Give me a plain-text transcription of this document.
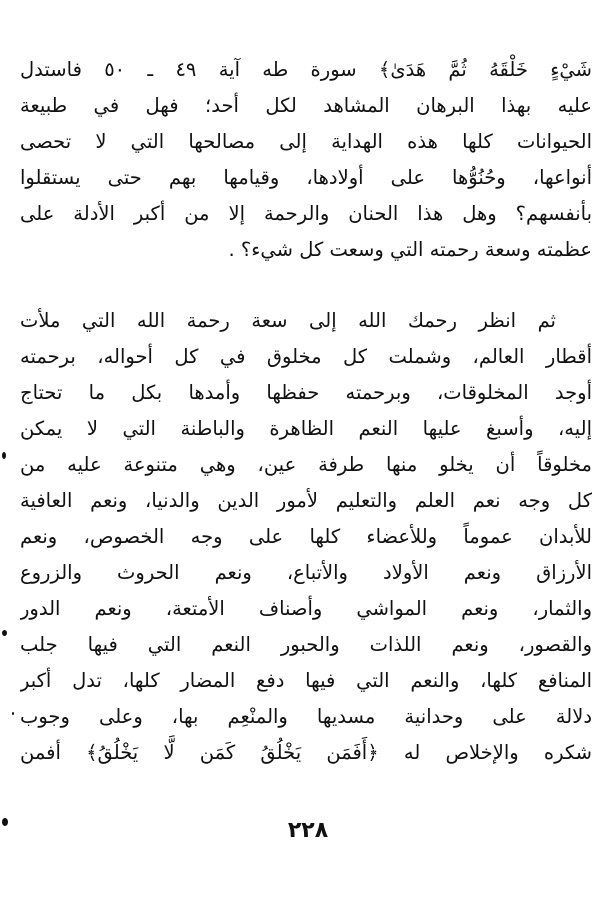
شَيْءٍ خَلْقَهُ ثُمَّ هَدَىٰ﴾ سورة طه آية ٤٩ ـ ٥٠ فاستدل
عليه بهذا البرهان المشاهد لكل أحد؛ فهل في طبيعة
الحيوانات كلها هذه الهداية إلى مصالحها التي لا تحصى
أنواعها، وحُنُوُّها على أولادها، وقيامها بهم حتى يستقلوا
بأنفسهم؟ وهل هذا الحنان والرحمة إلا من أكبر الأدلة على
عظمته وسعة رحمته التي وسعت كل شيء؟ .
ثم انظر رحمك الله إلى سعة رحمة الله التي ملأت
أقطار العالم، وشملت كل مخلوق في كل أحواله، برحمته
أوجد المخلوقات، وبرحمته حفظها وأمدها بكل ما تحتاج
إليه، وأسبغ عليها النعم الظاهرة والباطنة التي لا يمكن
مخلوقاً أن يخلو منها طرفة عين، وهي متنوعة عليه من
كل وجه نعم العلم والتعليم لأمور الدين والدنيا، ونعم العافية
للأبدان عموماً وللأعضاء كلها على وجه الخصوص، ونعم
الأرزاق ونعم الأولاد والأتباع، ونعم الحروث والزروع
والثمار، ونعم المواشي وأصناف الأمتعة، ونعم الدور
والقصور، ونعم اللذات والحبور النعم التي فيها جلب
المنافع كلها، والنعم التي فيها دفع المضار كلها، تدل أكبر
دلالة على وحدانية مسديها والمنْعِم بها، وعلى وجوب
شكره والإخلاص له ﴿أَفَمَن يَخْلُقُ كَمَن لَّا يَخْلُقُ﴾ أفمن
٢٢٨
